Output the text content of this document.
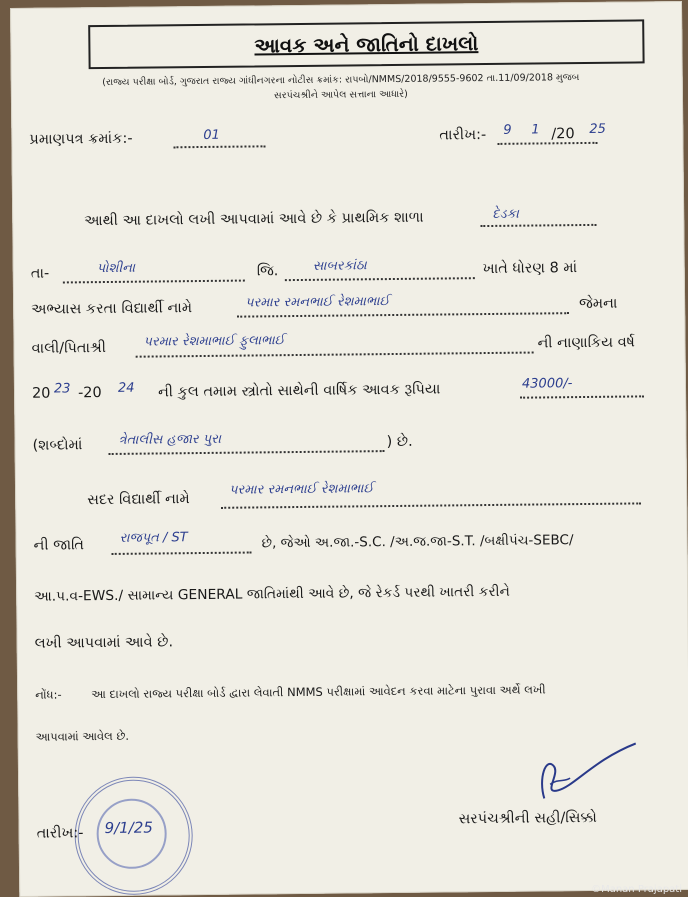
આવક અને જાતિનો દાખલો
(રાજ્ય પરીક્ષા બોર્ડ, ગુજરાત રાજ્ય ગાંધીનગરના નોટીસ ક્રમાંક: રાપબો/NMMS/2018/9555-9602 તા.11/09/2018 મુજબ
સરપંચશ્રીને આપેલ સત્તાના આધારે)
પ્રમાણપત્ર ક્રમાંક:-	01	તારીખ:- 9 1 /20 25
આથી આ દાખલો લખી આપવામાં આવે છે કે પ્રાથમિક શાળા	દેડકા
તા-	પોશીના	જિ.	સાબરકાંઠા	ખાતે ધોરણ 8 માં
અભ્યાસ કરતા વિદ્યાર્થી નામે	પરમાર રમનભાઈ રેશમાભાઈ	જેમના
વાલી/પિતાશ્રી	પરમાર રેશમાભાઈ ફુલાભાઈ	ની નાણાકિય વર્ષ
20 23 -20 24 ની કુલ તમામ સ્ત્રોતો સાથેની વાર્ષિક આવક રૂપિયા	43000/-
(શબ્દોમાં	ત્રેતાલીસ હજાર પુરા	) છે.
સદર વિદ્યાર્થી નામે
પરમાર રમનભાઈ રેશમાભાઈ
ની જાતિ	રાજપૂત / ST	છે, જેઓ અ.જા.-S.C. /અ.જ.જા-S.T. /બક્ષીપંચ-SEBC/
આ.પ.વ-EWS./ સામાન્ય GENERAL જાતિમાંથી આવે છે, જે રેકર્ડ પરથી ખાતરી કરીને
લખી આપવામાં આવે છે.
નોંધ:-	આ દાખલો રાજ્ય પરીક્ષા બોર્ડ દ્વારા લેવાતી NMMS પરીક્ષામાં આવેદન કરવા માટેના પુરાવા અર્થે લખી
આપવામાં આવેલ છે.
તારીખ:- 9/1/25	સરપંચશ્રીની સહી/સિક્કો
©Manan Prajapati
